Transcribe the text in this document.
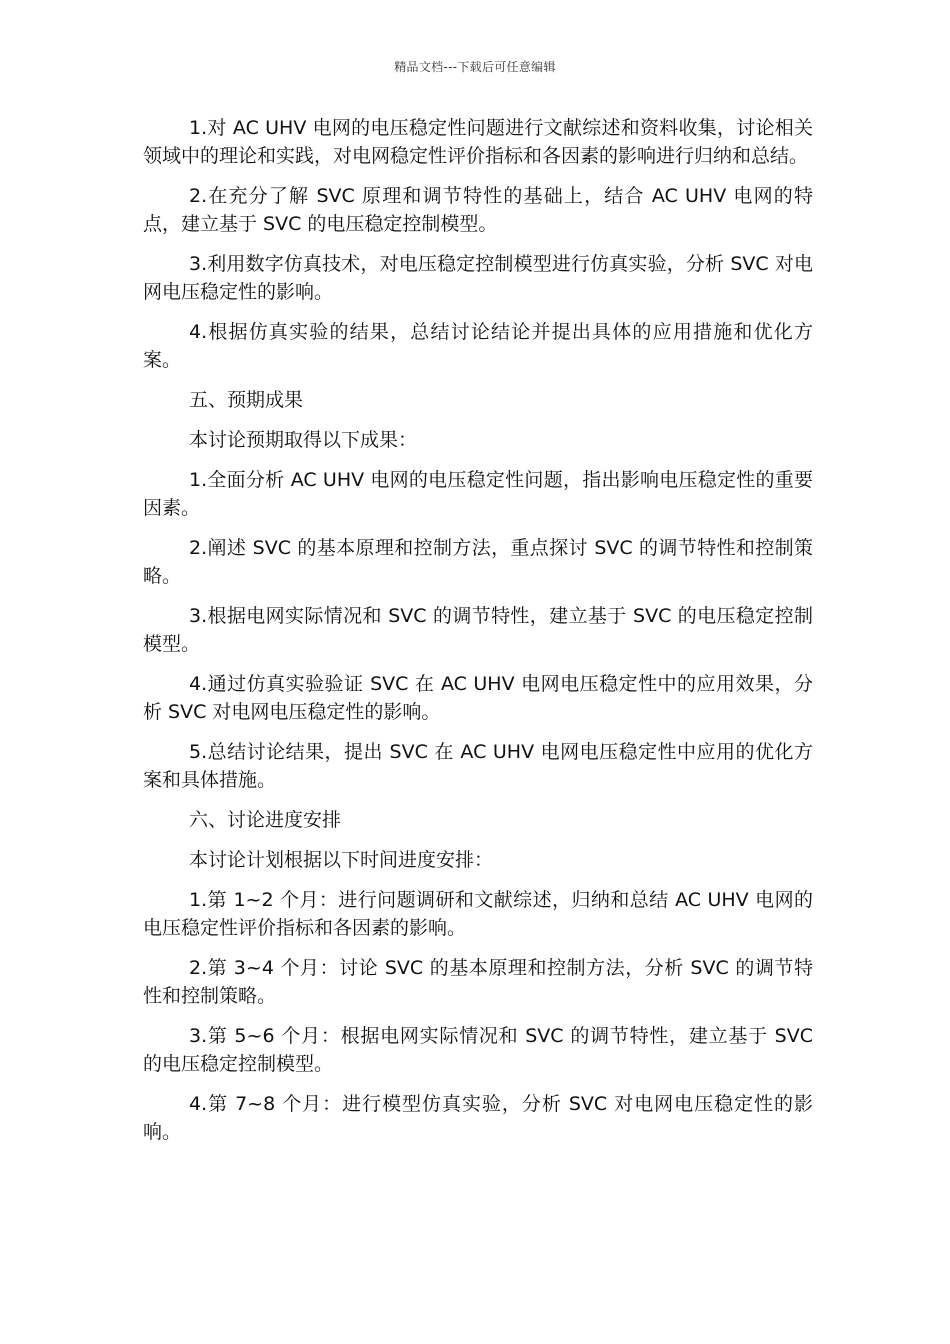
精品文档---下载后可任意编辑

1.对 AC UHV 电网的电压稳定性问题进行文献综述和资料收集，讨论相关领域中的理论和实践，对电网稳定性评价指标和各因素的影响进行归纳和总结。

2.在充分了解 SVC 原理和调节特性的基础上，结合 AC UHV 电网的特点，建立基于 SVC 的电压稳定控制模型。

3.利用数字仿真技术，对电压稳定控制模型进行仿真实验，分析 SVC 对电网电压稳定性的影响。

4.根据仿真实验的结果，总结讨论结论并提出具体的应用措施和优化方案。

五、预期成果

本讨论预期取得以下成果：

1.全面分析 AC UHV 电网的电压稳定性问题，指出影响电压稳定性的重要因素。

2.阐述 SVC 的基本原理和控制方法，重点探讨 SVC 的调节特性和控制策略。

3.根据电网实际情况和 SVC 的调节特性，建立基于 SVC 的电压稳定控制模型。

4.通过仿真实验验证 SVC 在 AC UHV 电网电压稳定性中的应用效果，分析 SVC 对电网电压稳定性的影响。

5.总结讨论结果，提出 SVC 在 AC UHV 电网电压稳定性中应用的优化方案和具体措施。

六、讨论进度安排

本讨论计划根据以下时间进度安排：

1.第 1~2 个月：进行问题调研和文献综述，归纳和总结 AC UHV 电网的电压稳定性评价指标和各因素的影响。

2.第 3~4 个月：讨论 SVC 的基本原理和控制方法，分析 SVC 的调节特性和控制策略。

3.第 5~6 个月：根据电网实际情况和 SVC 的调节特性，建立基于 SVC 的电压稳定控制模型。

4.第 7~8 个月：进行模型仿真实验，分析 SVC 对电网电压稳定性的影响。
